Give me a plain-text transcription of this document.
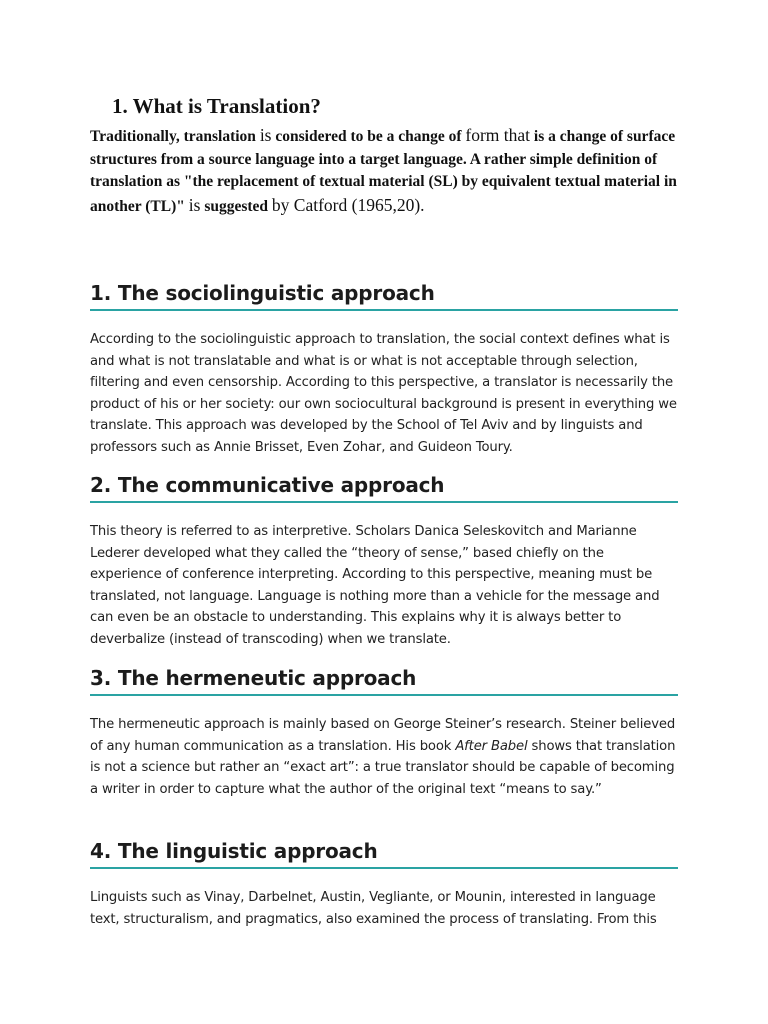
1. What is Translation?

Traditionally, translation is considered to be a change of form that is a change of surface structures from a source language into a target language. A rather simple definition of translation as "the replacement of textual material (SL) by equivalent textual material in another (TL)" is suggested by Catford (1965,20).

1. The sociolinguistic approach

According to the sociolinguistic approach to translation, the social context defines what is and what is not translatable and what is or what is not acceptable through selection, filtering and even censorship. According to this perspective, a translator is necessarily the product of his or her society: our own sociocultural background is present in everything we translate. This approach was developed by the School of Tel Aviv and by linguists and professors such as Annie Brisset, Even Zohar, and Guideon Toury.

2. The communicative approach

This theory is referred to as interpretive. Scholars Danica Seleskovitch and Marianne Lederer developed what they called the “theory of sense,” based chiefly on the experience of conference interpreting. According to this perspective, meaning must be translated, not language. Language is nothing more than a vehicle for the message and can even be an obstacle to understanding. This explains why it is always better to deverbalize (instead of transcoding) when we translate.

3. The hermeneutic approach

The hermeneutic approach is mainly based on George Steiner’s research. Steiner believed of any human communication as a translation. His book After Babel shows that translation is not a science but rather an “exact art”: a true translator should be capable of becoming a writer in order to capture what the author of the original text “means to say.”

4. The linguistic approach

Linguists such as Vinay, Darbelnet, Austin, Vegliante, or Mounin, interested in language text, structuralism, and pragmatics, also examined the process of translating. From this
